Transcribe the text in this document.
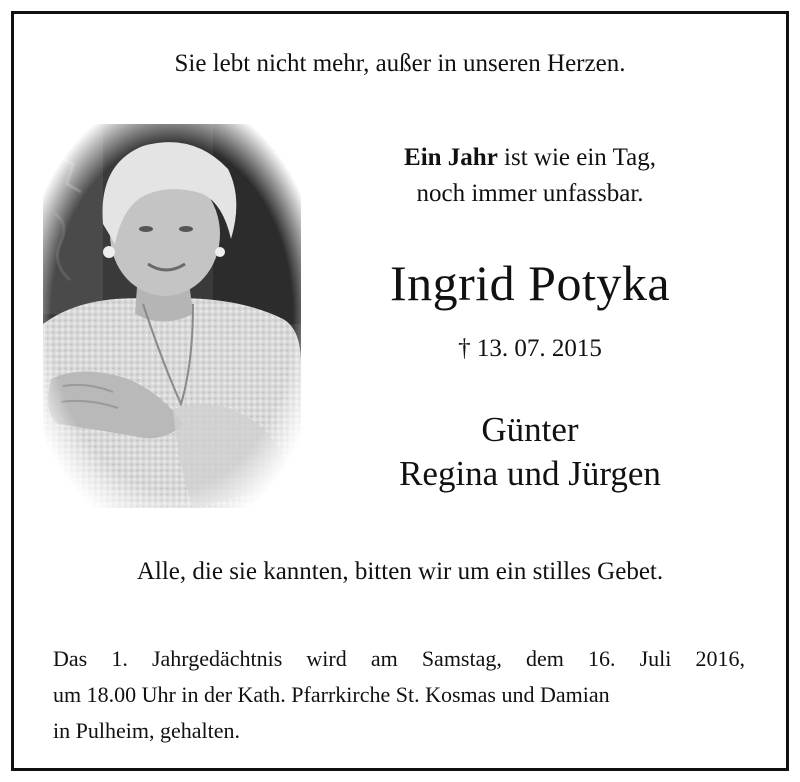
Sie lebt nicht mehr, außer in unseren Herzen.
Ein Jahr ist wie ein Tag,
noch immer unfassbar.
Ingrid Potyka
† 13. 07. 2015
Günter
Regina und Jürgen
Alle, die sie kannten, bitten wir um ein stilles Gebet.
Das 1. Jahrgedächtnis wird am Samstag, dem 16. Juli 2016,
um 18.00 Uhr in der Kath. Pfarrkirche St. Kosmas und Damian
in Pulheim, gehalten.
